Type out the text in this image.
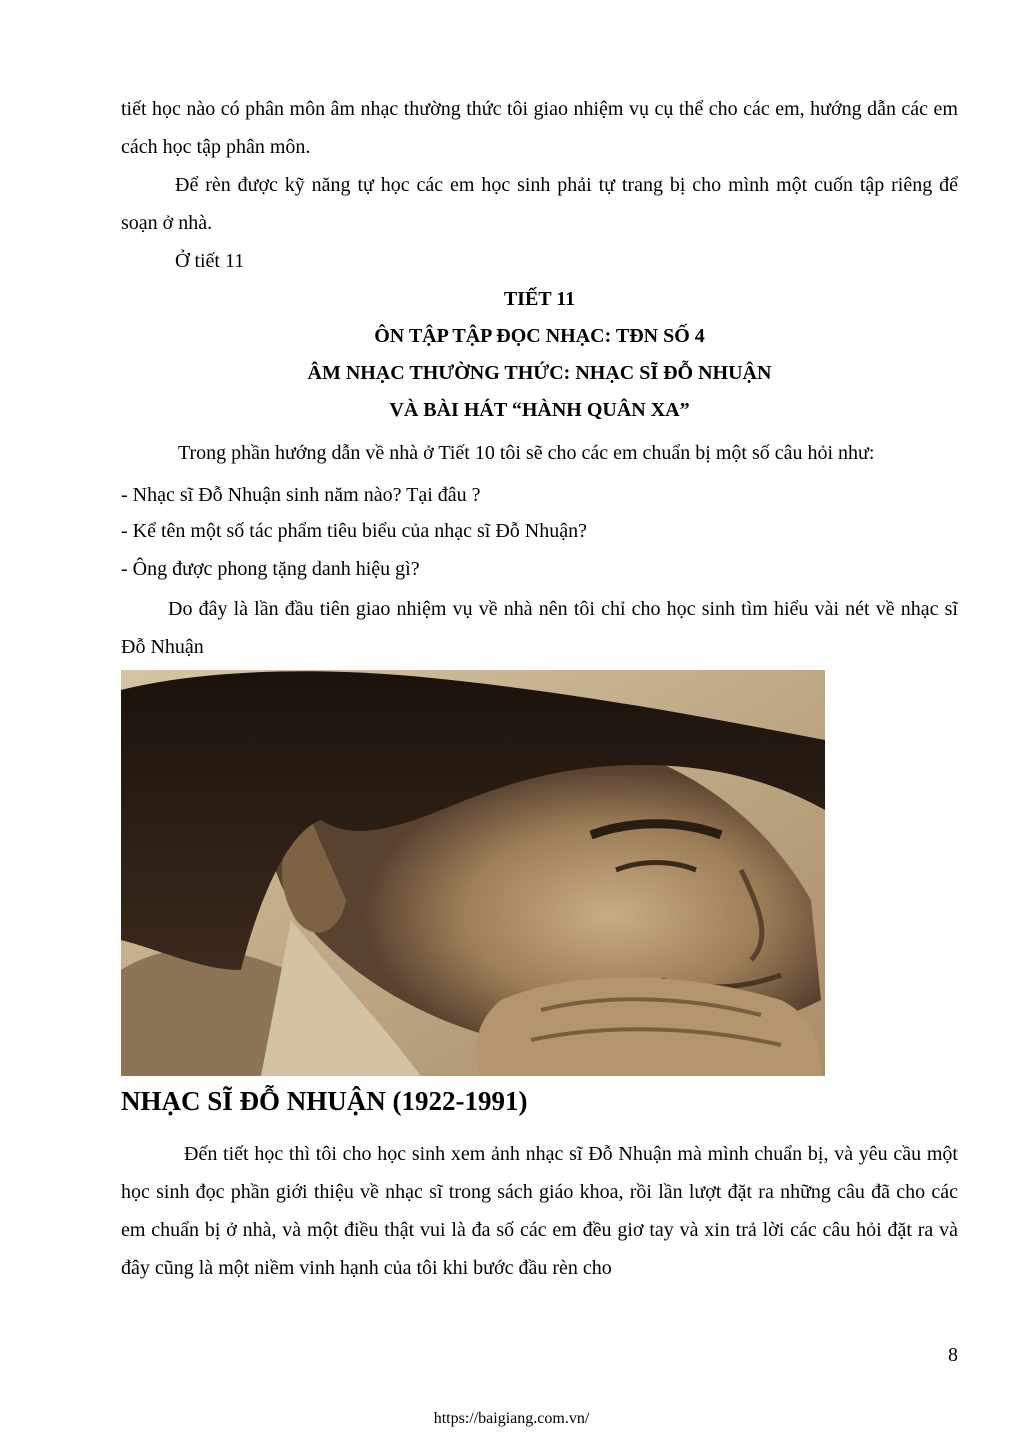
tiết học nào có phân môn âm nhạc thường thức tôi giao nhiệm vụ cụ thể cho các em, hướng dẫn các em cách học tập phân môn.

Để rèn được kỹ năng tự học các em học sinh phải tự trang bị cho mình một cuốn tập riêng để soạn ở nhà.

Ở tiết 11

TIẾT 11

ÔN TẬP TẬP ĐỌC NHẠC: TĐN SỐ 4

ÂM NHẠC THƯỜNG THỨC: NHẠC SĨ ĐỖ NHUẬN

VÀ BÀI HÁT “HÀNH QUÂN XA”

Trong phần hướng dẫn về nhà ở Tiết 10 tôi sẽ cho các em chuẩn bị một số câu hỏi như:

- Nhạc sĩ Đỗ Nhuận sinh năm nào? Tại đâu ?

- Kể tên một số tác phẩm tiêu biểu của nhạc sĩ Đỗ Nhuận?

- Ông được phong tặng danh hiệu gì?

Do đây là lần đầu tiên giao nhiệm vụ về nhà nên tôi chỉ cho học sinh tìm hiểu vài nét về nhạc sĩ Đỗ Nhuận

NHẠC SĨ ĐỖ NHUẬN (1922-1991)

Đến tiết học thì tôi cho học sinh xem ảnh nhạc sĩ Đỗ Nhuận mà mình chuẩn bị, và yêu cầu một học sinh đọc phần giới thiệu về nhạc sĩ trong sách giáo khoa, rồi lần lượt đặt ra những câu đã cho các em chuẩn bị ở nhà, và một điều thật vui là đa số các em đều giơ tay và xin trả lời các câu hỏi đặt ra và đây cũng là một niềm vinh hạnh của tôi khi bước đầu rèn cho

8
https://baigiang.com.vn/
